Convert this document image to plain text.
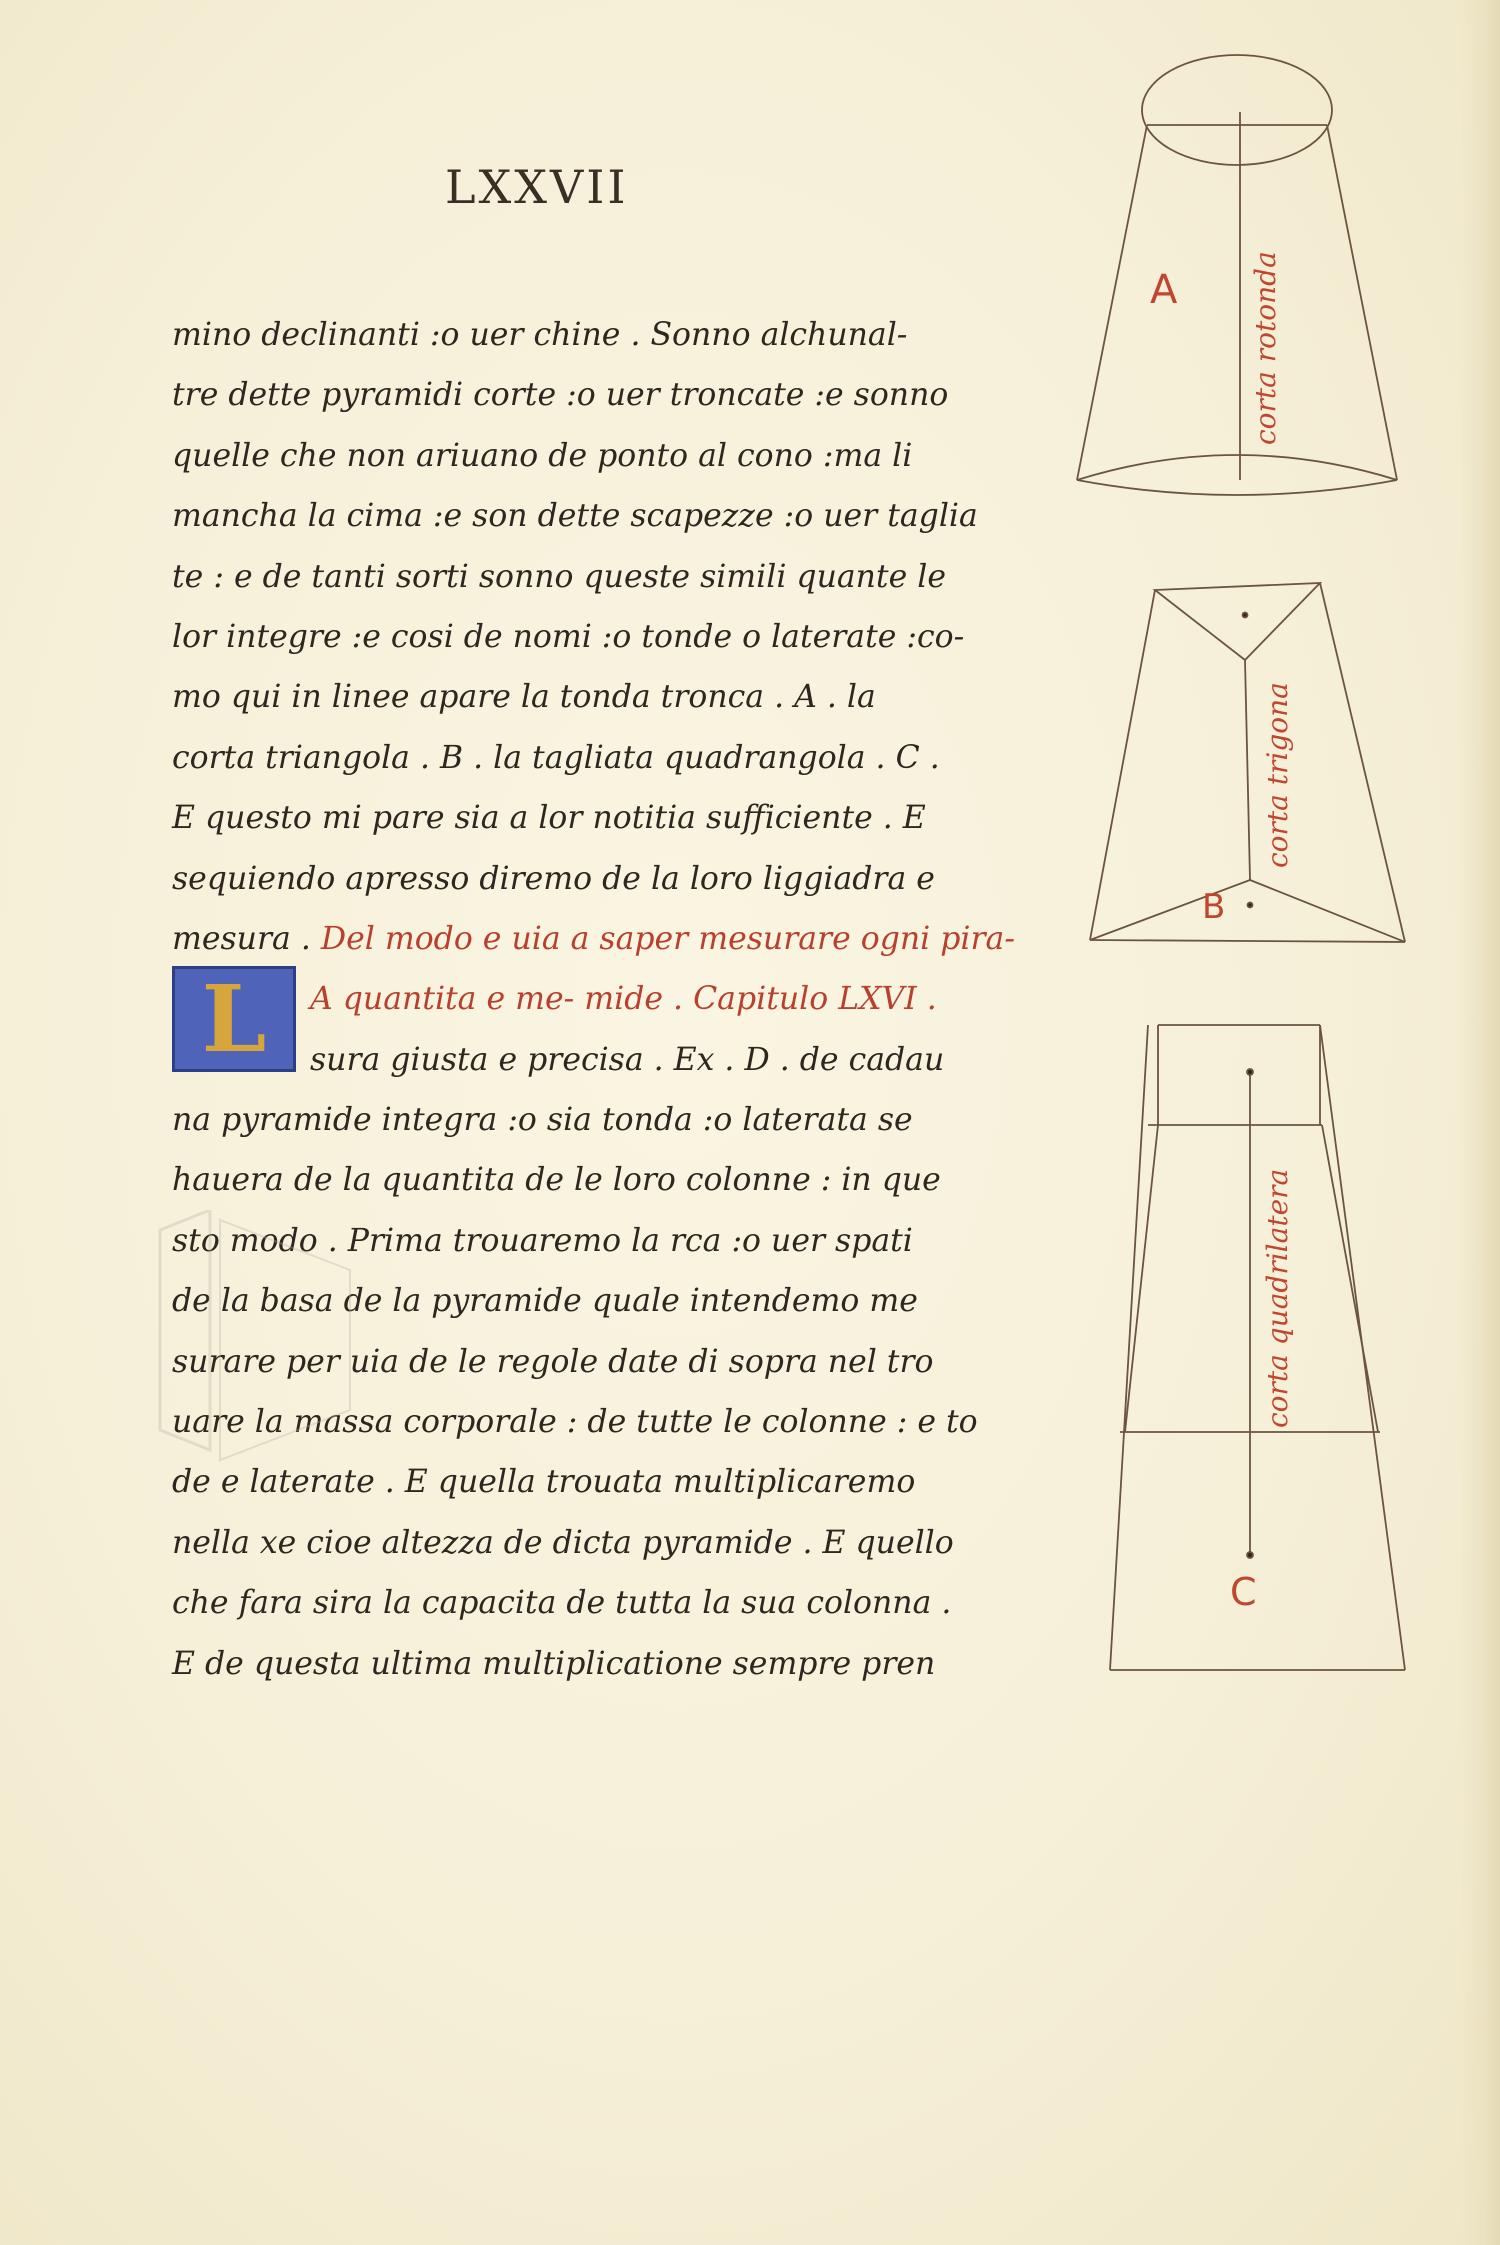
LXXVII
mino declinanti :o uer chine . Sonno alchunal-
tre dette pyramidi corte :o uer troncate :e sonno
quelle che non ariuano de ponto al cono :ma li
mancha la cima :e son dette scapezze :o uer taglia
te : e de tanti sorti sonno queste simili quante le
lor integre :e cosi de nomi :o tonde o laterate :co-
mo qui in linee apare la tonda tronca . A . la
corta triangola . B . la tagliata quadrangola . C .
E questo mi pare sia a lor notitia sufficiente . E
sequiendo apresso diremo de la loro liggiadra e
mesura . Del modo e uia a saper mesurare ogni pira-
A quantita e me- mide . Capitulo LXVI .
sura giusta e precisa . Ex . D . de cadau
na pyramide integra :o sia tonda :o laterata se
hauera de la quantita de le loro colonne : in que
sto modo . Prima trouaremo la rca :o uer spati
de la basa de la pyramide quale intendemo me
surare per uia de le regole date di sopra nel tro
uare la massa corporale : de tutte le colonne : e to
de e laterate . E quella trouata multiplicaremo
nella xe cioe altezza de dicta pyramide . E quello
che fara sira la capacita de tutta la sua colonna .
E de questa ultima multiplicatione sempre pren
L
A	corta rotonda
B
corta trigona
C
corta quadrilatera
